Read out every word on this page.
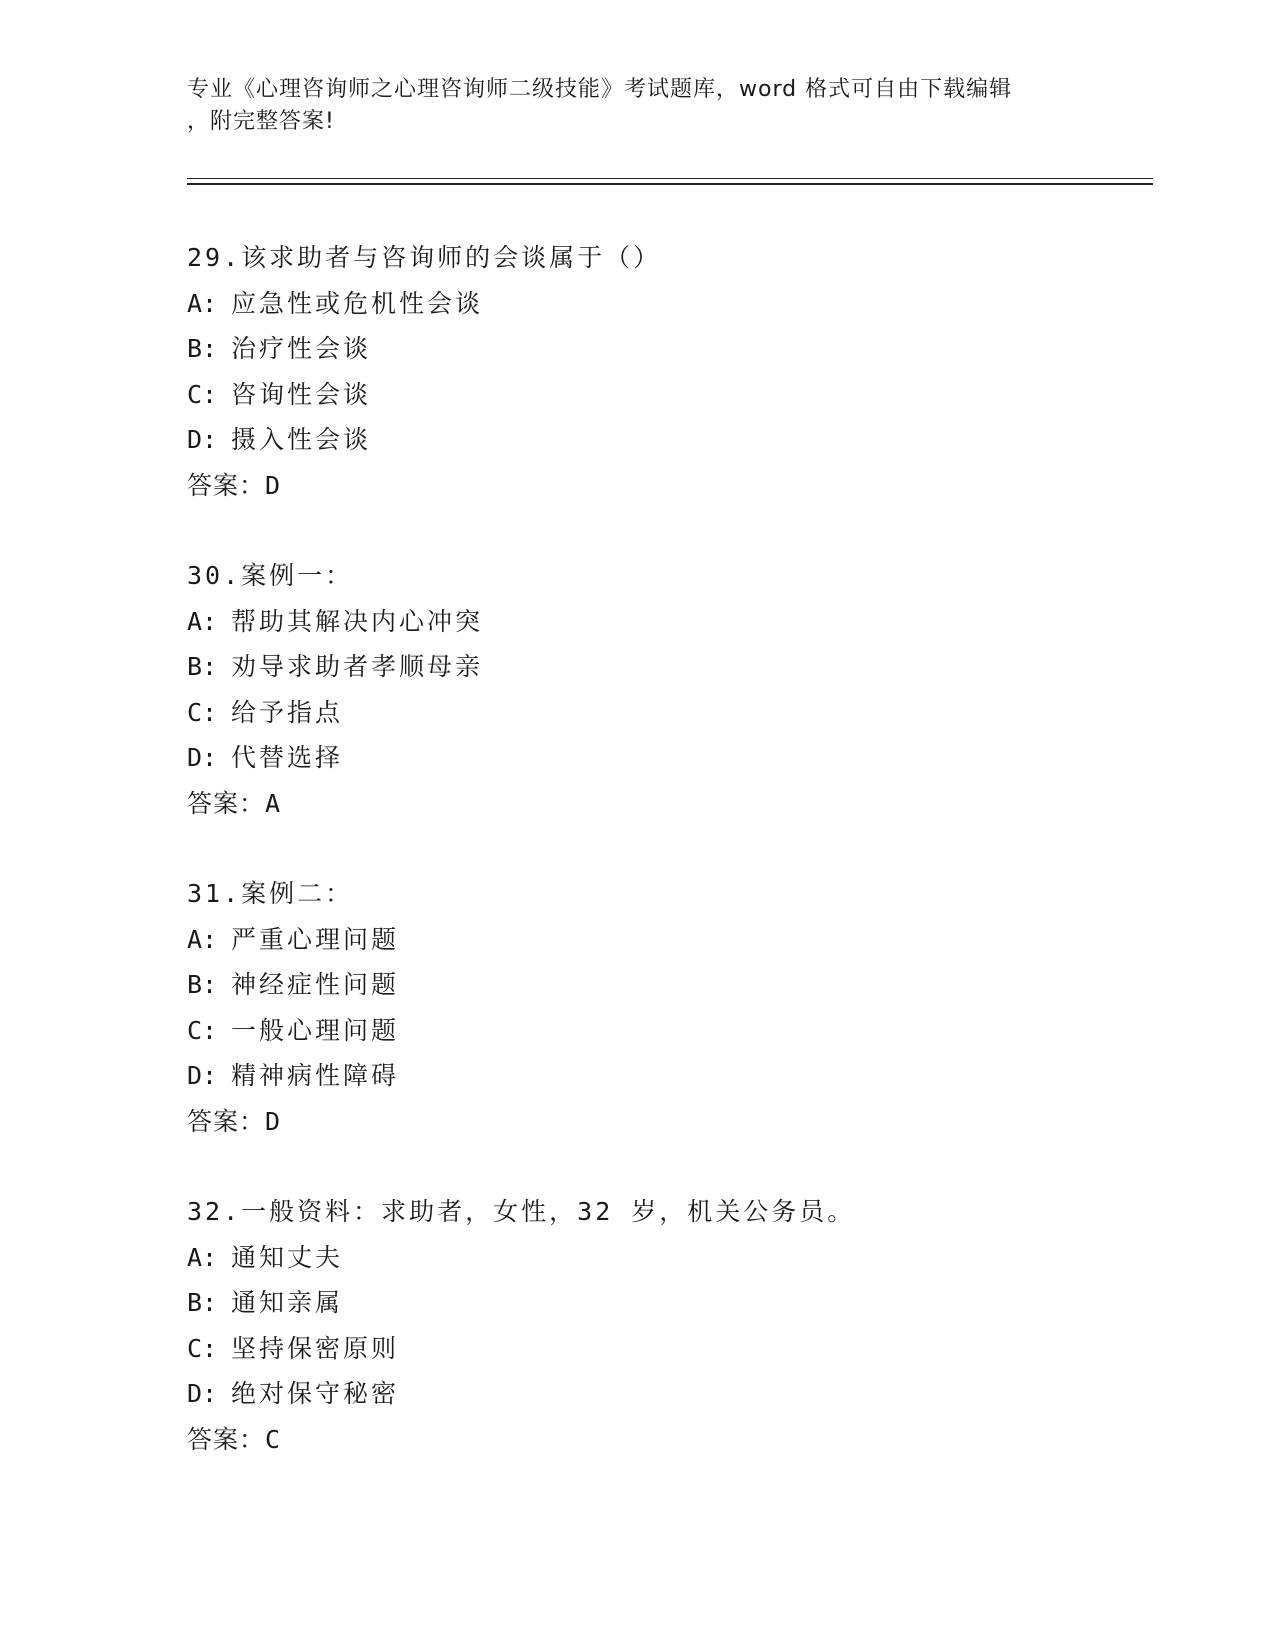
专业《心理咨询师之心理咨询师二级技能》考试题库，word 格式可自由下载编辑
，附完整答案!
29.该求助者与咨询师的会谈属于（）
A: 应急性或危机性会谈
B: 治疗性会谈
C: 咨询性会谈
D: 摄入性会谈
答案：D
30.案例一：
A: 帮助其解决内心冲突
B: 劝导求助者孝顺母亲
C: 给予指点
D: 代替选择
答案：A
31.案例二：
A: 严重心理问题
B: 神经症性问题
C: 一般心理问题
D: 精神病性障碍
答案：D
32.一般资料：求助者，女性，32 岁，机关公务员。
A: 通知丈夫
B: 通知亲属
C: 坚持保密原则
D: 绝对保守秘密
答案：C
